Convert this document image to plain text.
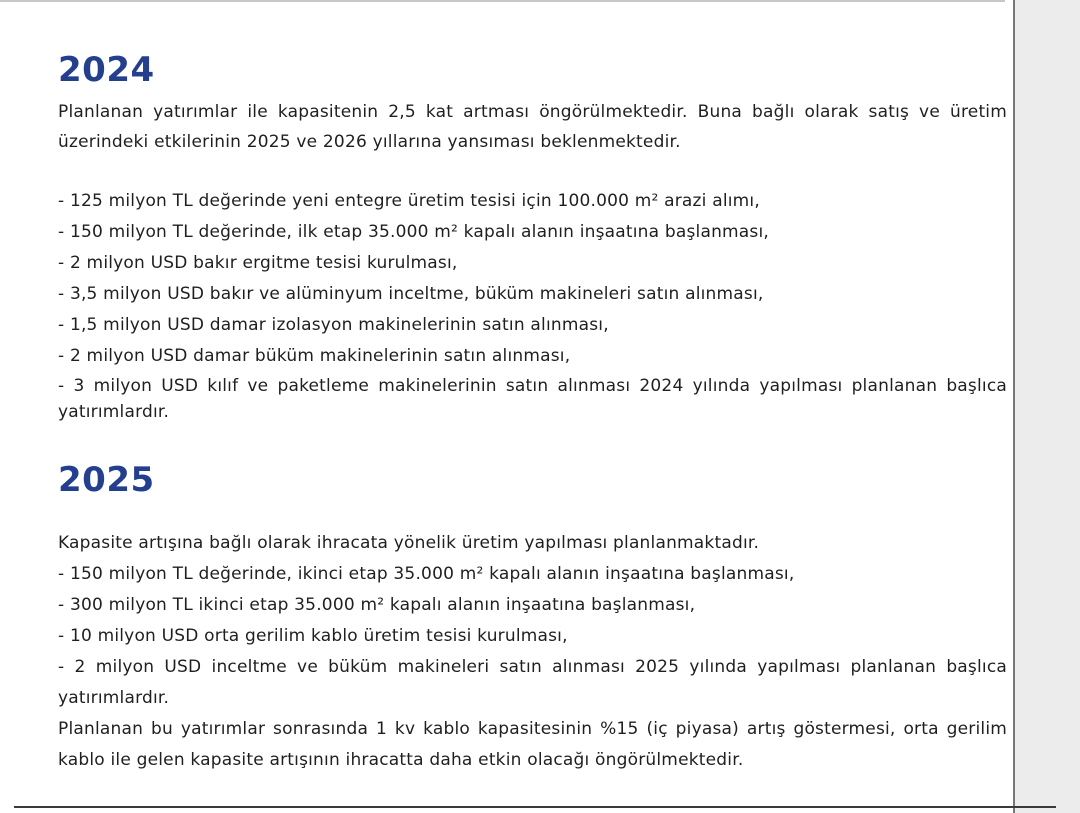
2024

Planlanan yatırımlar ile kapasitenin 2,5 kat artması öngörülmektedir. Buna bağlı olarak satış ve üretim üzerindeki etkilerinin 2025 ve 2026 yıllarına yansıması beklenmektedir.

- 125 milyon TL değerinde yeni entegre üretim tesisi için 100.000 m² arazi alımı,
- 150 milyon TL değerinde, ilk etap 35.000 m² kapalı alanın inşaatına başlanması,
- 2 milyon USD bakır ergitme tesisi kurulması,
- 3,5 milyon USD bakır ve alüminyum inceltme, büküm makineleri satın alınması,
- 1,5 milyon USD damar izolasyon makinelerinin satın alınması,
- 2 milyon USD damar büküm makinelerinin satın alınması,
- 3 milyon USD kılıf ve paketleme makinelerinin satın alınması 2024 yılında yapılması planlanan başlıca yatırımlardır.
2025
Kapasite artışına bağlı olarak ihracata yönelik üretim yapılması planlanmaktadır.
- 150 milyon TL değerinde, ikinci etap 35.000 m² kapalı alanın inşaatına başlanması,
- 300 milyon TL ikinci etap 35.000 m² kapalı alanın inşaatına başlanması,
- 10 milyon USD orta gerilim kablo üretim tesisi kurulması,
- 2 milyon USD inceltme ve büküm makineleri satın alınması 2025 yılında yapılması planlanan başlıca yatırımlardır.
Planlanan bu yatırımlar sonrasında 1 kv kablo kapasitesinin %15 (iç piyasa) artış göstermesi, orta gerilim kablo ile gelen kapasite artışının ihracatta daha etkin olacağı öngörülmektedir.
